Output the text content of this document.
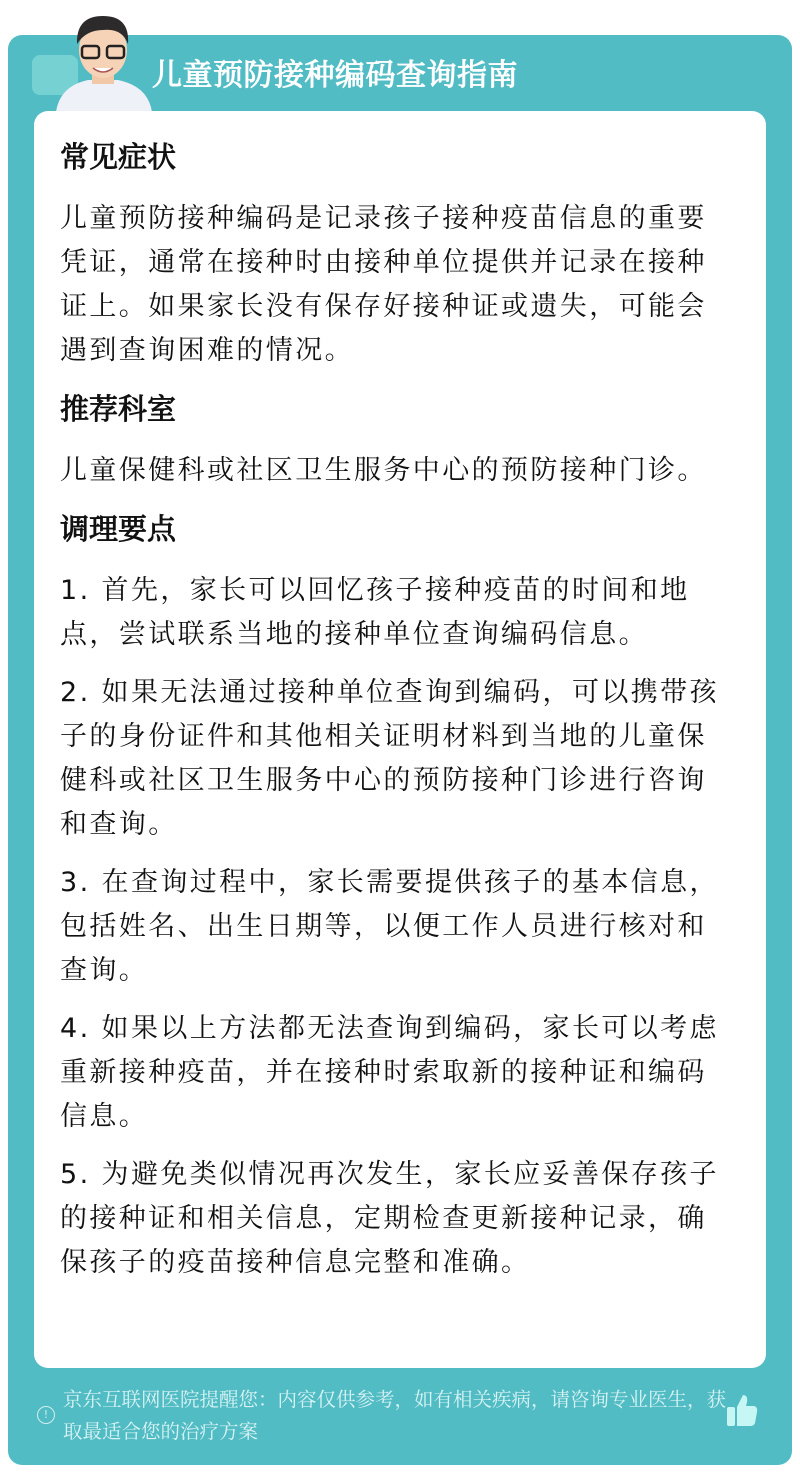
儿童预防接种编码查询指南
常见症状

儿童预防接种编码是记录孩子接种疫苗信息的重要凭证，通常在接种时由接种单位提供并记录在接种证上。如果家长没有保存好接种证或遗失，可能会遇到查询困难的情况。

推荐科室

儿童保健科或社区卫生服务中心的预防接种门诊。

调理要点

1. 首先，家长可以回忆孩子接种疫苗的时间和地点，尝试联系当地的接种单位查询编码信息。

2. 如果无法通过接种单位查询到编码，可以携带孩子的身份证件和其他相关证明材料到当地的儿童保健科或社区卫生服务中心的预防接种门诊进行咨询和查询。

3. 在查询过程中，家长需要提供孩子的基本信息，包括姓名、出生日期等，以便工作人员进行核对和查询。

4. 如果以上方法都无法查询到编码，家长可以考虑重新接种疫苗，并在接种时索取新的接种证和编码信息。

5. 为避免类似情况再次发生，家长应妥善保存孩子的接种证和相关信息，定期检查更新接种记录，确保孩子的疫苗接种信息完整和准确。

!
京东互联网医院提醒您：内容仅供参考，如有相关疾病，请咨询专业医生，获取最适合您的治疗方案
